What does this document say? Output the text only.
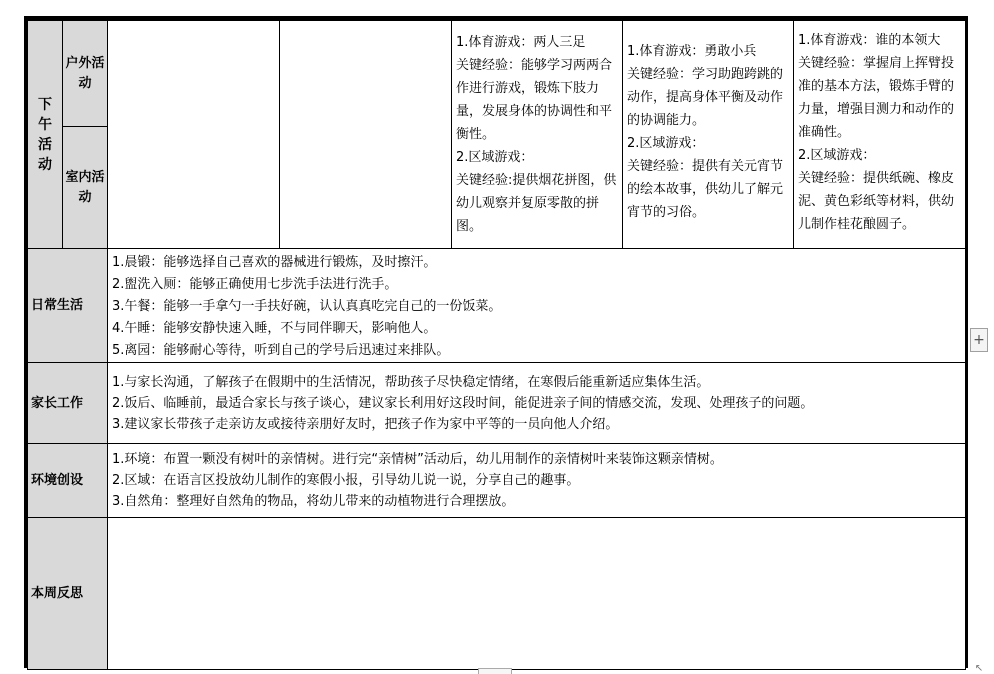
下午活动	户外活动			1.体育游戏：两人三足
关键经验：能够学习两两合作进行游戏，锻炼下肢力量，发展身体的协调性和平衡性。
2.区域游戏：
关键经验:提供烟花拼图，供幼儿观察并复原零散的拼图。	1.体育游戏：勇敢小兵
关键经验：学习助跑跨跳的动作，提高身体平衡及动作的协调能力。
2.区域游戏：
关键经验：提供有关元宵节的绘本故事，供幼儿了解元宵节的习俗。	1.体育游戏：谁的本领大
关键经验：掌握肩上挥臂投准的基本方法，锻炼手臂的力量，增强目测力和动作的准确性。
2.区域游戏：
关键经验：提供纸碗、橡皮泥、黄色彩纸等材料，供幼儿制作桂花酿圆子。

	室内活动					

日常生活		1.晨锻：能够选择自己喜欢的器械进行锻炼，及时擦汗。
2.盥洗入厕：能够正确使用七步洗手法进行洗手。
3.午餐：能够一手拿勺一手扶好碗，认认真真吃完自己的一份饭菜。
4.午睡：能够安静快速入睡，不与同伴聊天，影响他人。
5.离园：能够耐心等待，听到自己的学号后迅速过来排队。				

家长工作		1.与家长沟通，了解孩子在假期中的生活情况，帮助孩子尽快稳定情绪，在寒假后能重新适应集体生活。
2.饭后、临睡前，最适合家长与孩子谈心，建议家长利用好这段时间，能促进亲子间的情感交流，发现、处理孩子的问题。
3.建议家长带孩子走亲访友或接待亲朋好友时，把孩子作为家中平等的一员向他人介绍。				

环境创设		1.环境：布置一颗没有树叶的亲情树。进行完“亲情树”活动后，幼儿用制作的亲情树叶来装饰这颗亲情树。
2.区域：在语言区投放幼儿制作的寒假小报，引导幼儿说一说，分享自己的趣事。
3.自然角：整理好自然角的物品，将幼儿带来的动植物进行合理摆放。				

本周反思						
+
↖
